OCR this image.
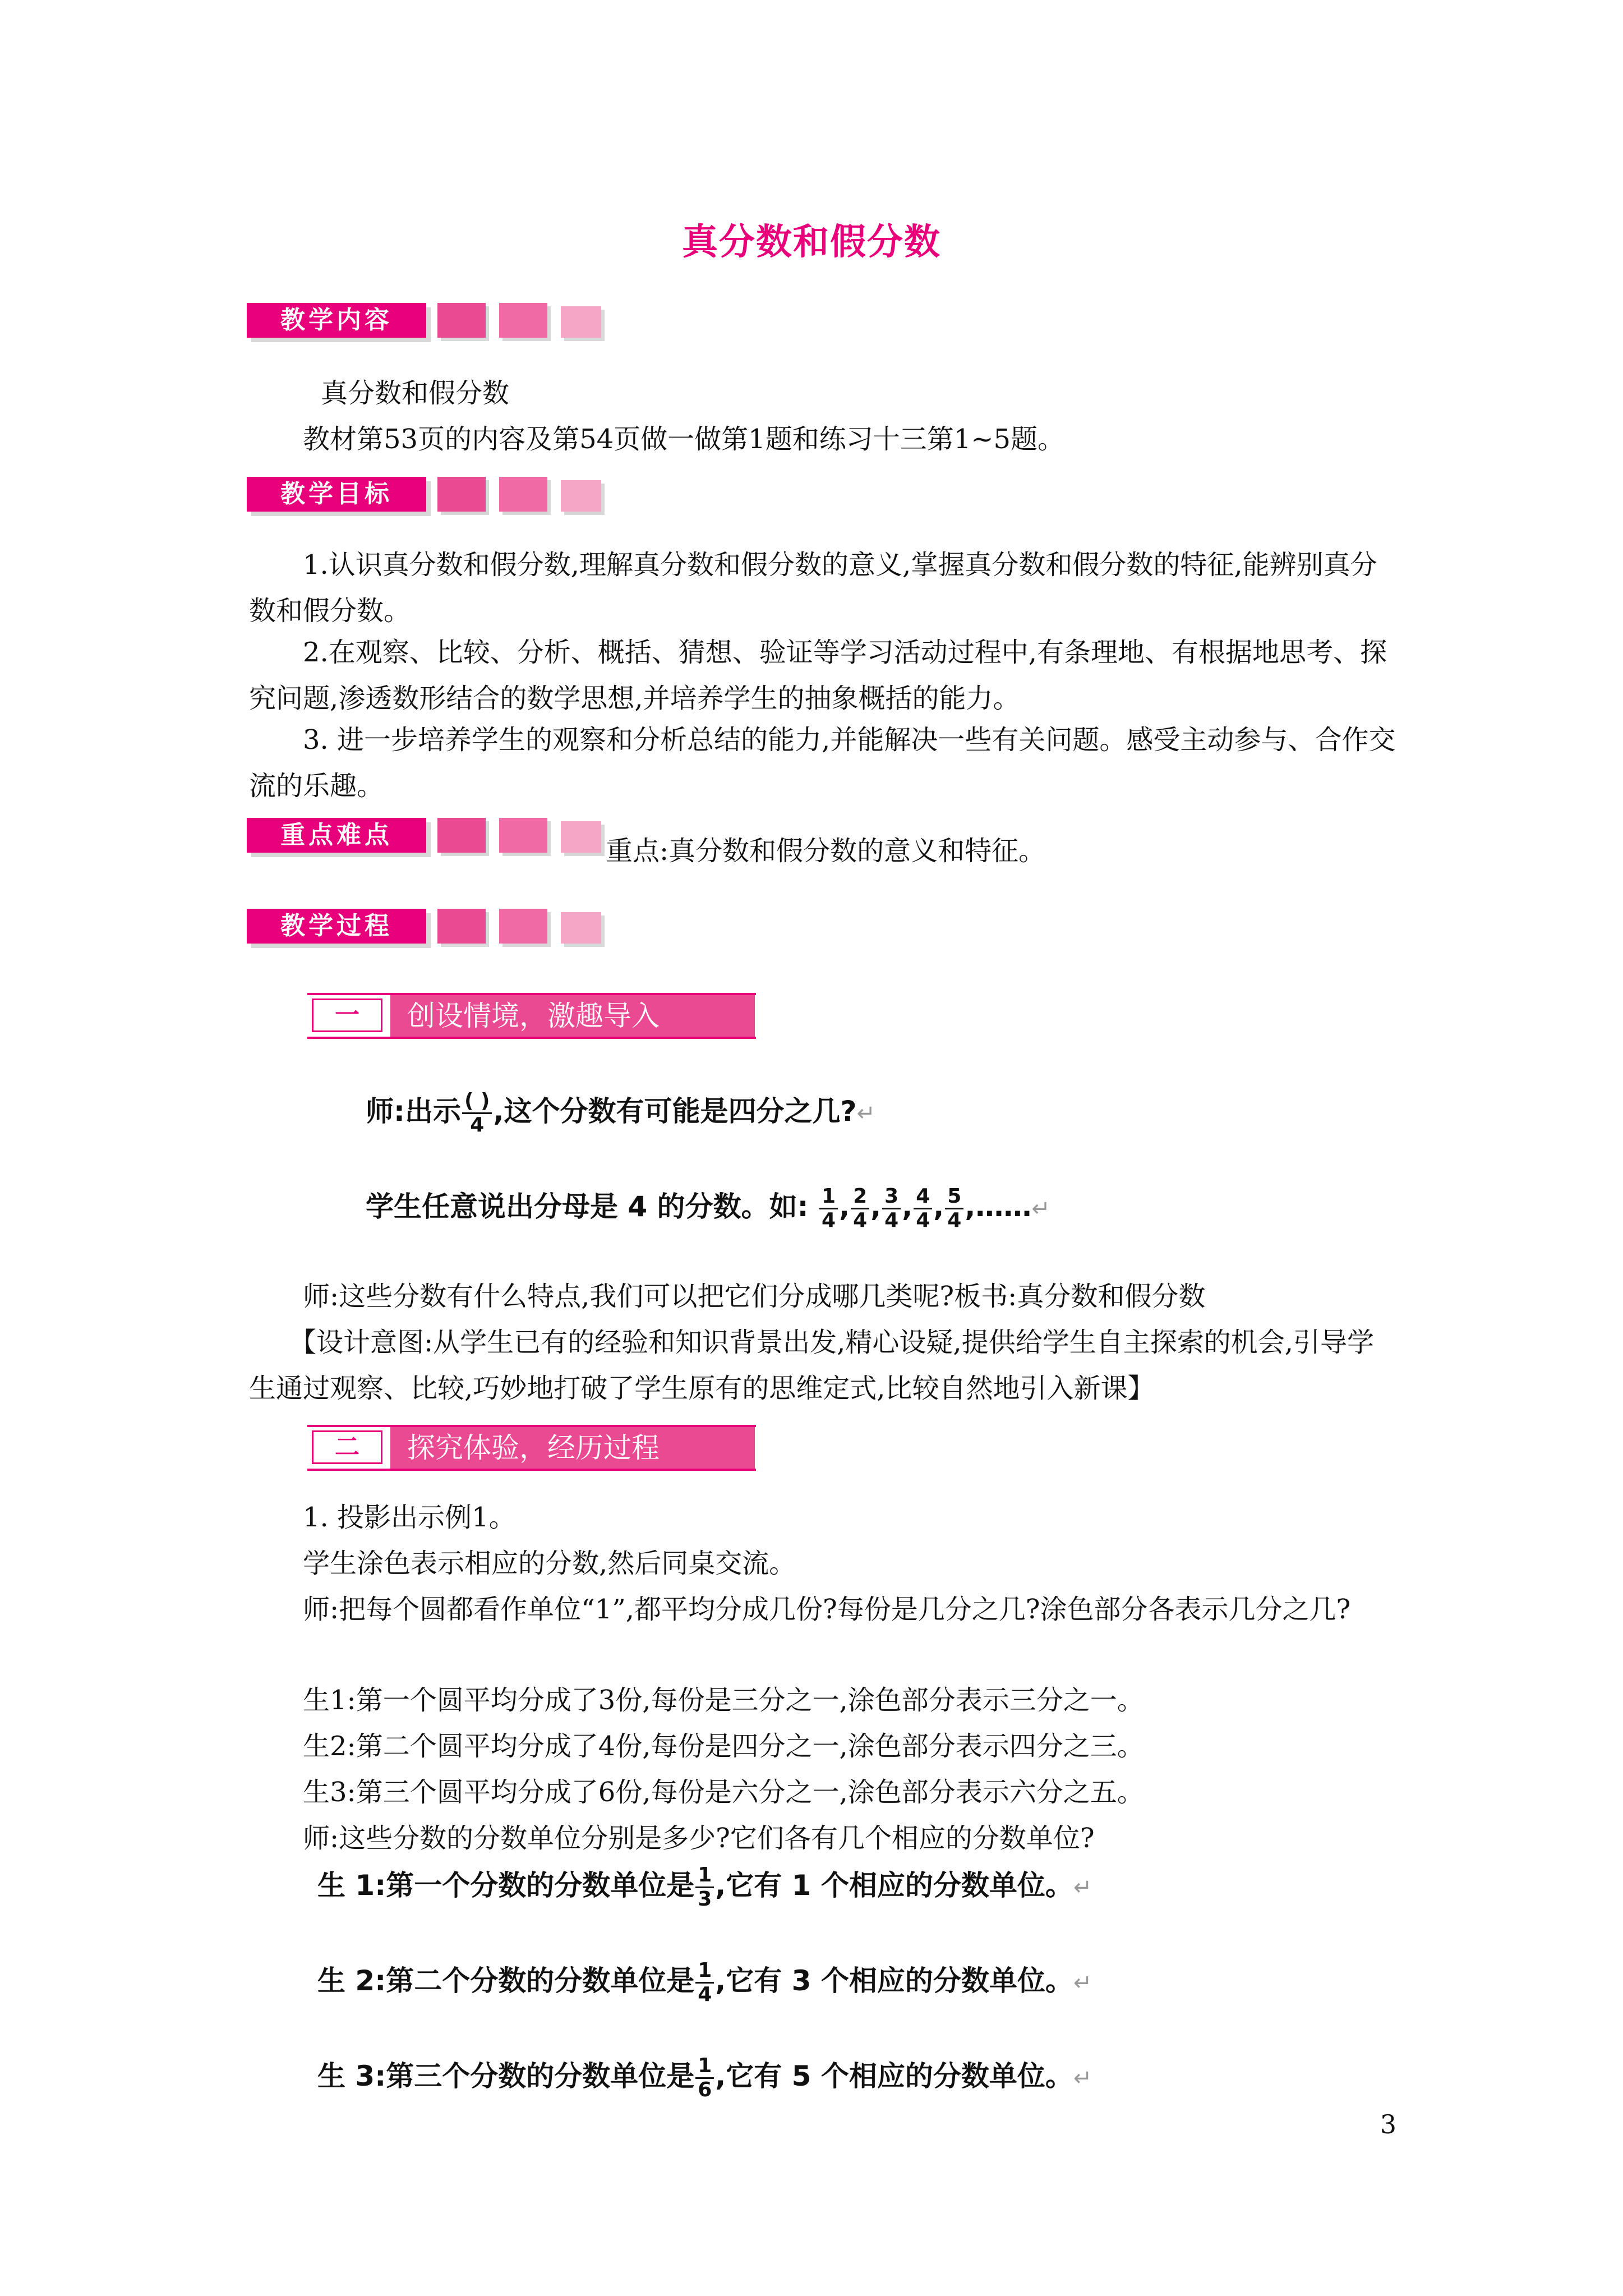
真分数和假分数
教学内容
真分数和假分数
教材第53页的内容及第54页做一做第1题和练习十三第1~5题。
教学目标
1.认识真分数和假分数,理解真分数和假分数的意义,掌握真分数和假分数的特征,能辨别真分数和假分数。
2.在观察、比较、分析、概括、猜想、验证等学习活动过程中,有条理地、有根据地思考、探究问题,渗透数形结合的数学思想,并培养学生的抽象概括的能力。
3. 进一步培养学生的观察和分析总结的能力,并能解决一些有关问题。感受主动参与、合作交流的乐趣。
重点难点
重点:真分数和假分数的意义和特征。
教学过程
一	创设情境，激趣导入
师:出示 $\frac{( )}{4}$ ,这个分数有可能是四分之几?↵
学生任意说出分母是 4 的分数。如: $\frac{1}{4}$ , $\frac{2}{4}$ , $\frac{3}{4}$ , $\frac{4}{4}$ , $\frac{5}{4}$ ,……↵
师:这些分数有什么特点,我们可以把它们分成哪几类呢?板书:真分数和假分数
【设计意图:从学生已有的经验和知识背景出发,精心设疑,提供给学生自主探索的机会,引导学生通过观察、比较,巧妙地打破了学生原有的思维定式,比较自然地引入新课】
二	探究体验，经历过程
1. 投影出示例1。
学生涂色表示相应的分数,然后同桌交流。
师:把每个圆都看作单位“1”,都平均分成几份?每份是几分之几?涂色部分各表示几分之几?
生1:第一个圆平均分成了3份,每份是三分之一,涂色部分表示三分之一。
生2:第二个圆平均分成了4份,每份是四分之一,涂色部分表示四分之三。
生3:第三个圆平均分成了6份,每份是六分之一,涂色部分表示六分之五。
师:这些分数的分数单位分别是多少?它们各有几个相应的分数单位?
生 1:第一个分数的分数单位是 $\frac{1}{3}$ ,它有 1 个相应的分数单位。↵
生 2:第二个分数的分数单位是 $\frac{1}{4}$ ,它有 3 个相应的分数单位。↵
生 3:第三个分数的分数单位是 $\frac{1}{6}$ ,它有 5 个相应的分数单位。↵
3
